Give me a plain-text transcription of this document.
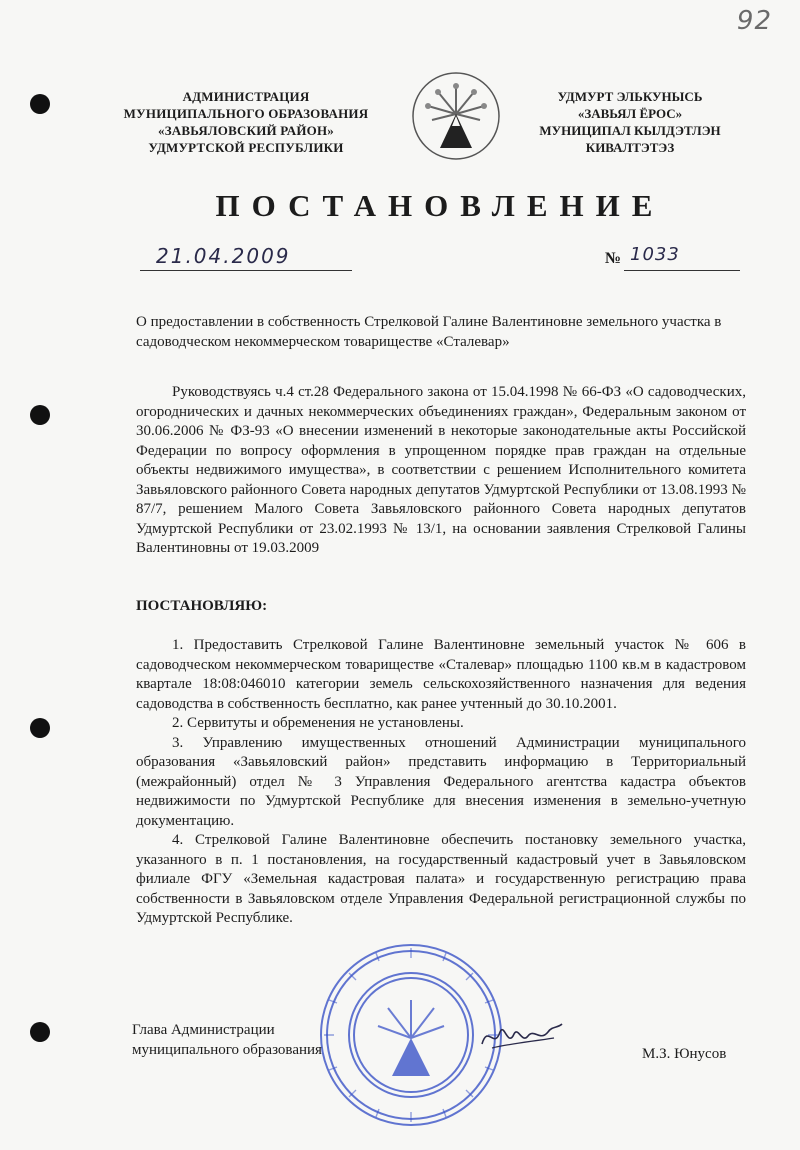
92
АДМИНИСТРАЦИЯ
МУНИЦИПАЛЬНОГО ОБРАЗОВАНИЯ
«ЗАВЬЯЛОВСКИЙ РАЙОН»
УДМУРТСКОЙ РЕСПУБЛИКИ
УДМУРТ ЭЛЬКУНЫСЬ
«ЗАВЬЯЛ ЁРОС»
МУНИЦИПАЛ КЫЛДЭТЛЭН
КИВАЛТЭТЭЗ
ПОСТАНОВЛЕНИЕ
21.04.2009	№ 1033
О предоставлении в собственность Стрелковой Галине Валентиновне земельного участка в садоводческом некоммерческом товариществе «Сталевар»
Руководствуясь ч.4 ст.28 Федерального закона от 15.04.1998 № 66-ФЗ «О садоводческих, огороднических и дачных некоммерческих объединениях граждан», Федеральным законом от 30.06.2006 № ФЗ-93 «О внесении изменений в некоторые законодательные акты Российской Федерации по вопросу оформления в упрощенном порядке прав граждан на отдельные объекты недвижимого имущества», в соответствии с решением Исполнительного комитета Завьяловского районного Совета народных депутатов Удмуртской Республики от 13.08.1993 № 87/7, решением Малого Совета Завьяловского районного Совета народных депутатов Удмуртской Республики от 23.02.1993 № 13/1, на основании заявления Стрелковой Галины Валентиновны от 19.03.2009
ПОСТАНОВЛЯЮ:

1. Предоставить Стрелковой Галине Валентиновне земельный участок № 606 в садоводческом некоммерческом товариществе «Сталевар» площадью 1100 кв.м в кадастровом квартале 18:08:046010 категории земель сельскохозяйственного назначения для ведения садоводства в собственность бесплатно, как ранее учтенный до 30.10.2001.

2. Сервитуты и обременения не установлены.

3. Управлению имущественных отношений Администрации муниципального образования «Завьяловский район» представить информацию в Территориальный (межрайонный) отдел № 3 Управления Федерального агентства кадастра объектов недвижимости по Удмуртской Республике для внесения изменения в земельно-учетную документацию.

4. Стрелковой Галине Валентиновне обеспечить постановку земельного участка, указанного в п. 1 постановления, на государственный кадастровый учет в Завьяловском филиале ФГУ «Земельная кадастровая палата» и государственную регистрацию права собственности в Завьяловском отделе Управления Федеральной регистрационной службы по Удмуртской Республике.

Глава Администрации
муниципального образования	М.З. Юнусов
